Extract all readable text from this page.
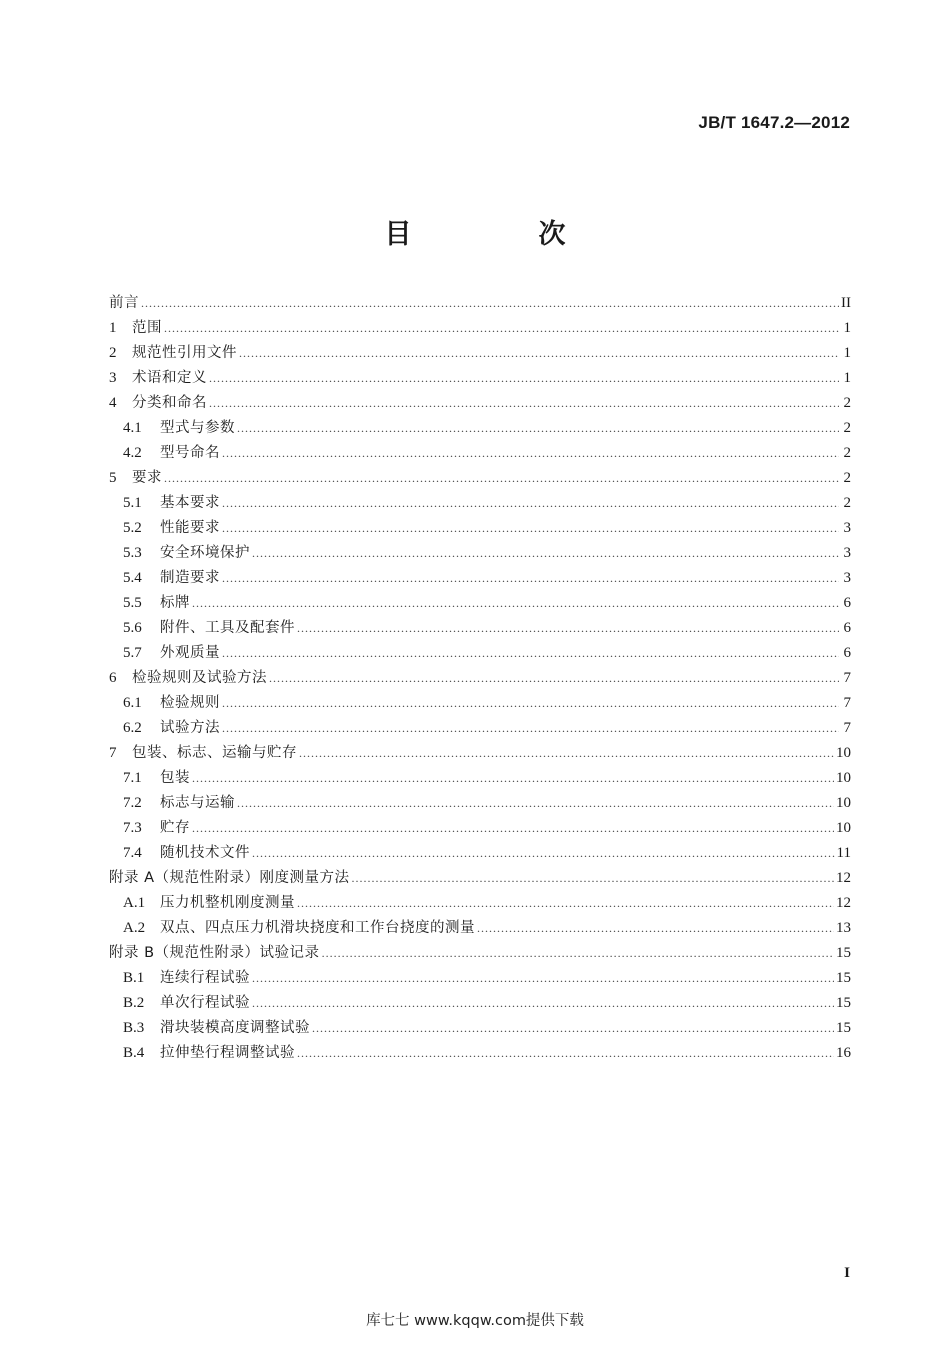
JB/T 1647.2—2012
目　次
前言 .....	II
1	范围 .....	1
2	规范性引用文件 .....	1
3	术语和定义 .....	1
4	分类和命名 .....	2
4.1	型式与参数 .....	2
4.2	型号命名 .....	2
5	要求 .....	2
5.1	基本要求 .....	2
5.2	性能要求 .....	3
5.3	安全环境保护 .....	3
5.4	制造要求 .....	3
5.5	标牌 .....	6
5.6	附件、工具及配套件 .....	6
5.7	外观质量 .....	6
6	检验规则及试验方法 .....	7
6.1	检验规则 .....	7
6.2	试验方法 .....	7
7	包装、标志、运输与贮存 .....	10
7.1	包装 .....	10
7.2	标志与运输 .....	10
7.3	贮存 .....	10
7.4	随机技术文件 .....	11
附录 A（规范性附录）刚度测量方法 .....	12
A.1	压力机整机刚度测量 .....	12
A.2	双点、四点压力机滑块挠度和工作台挠度的测量 .....	13
附录 B（规范性附录）试验记录 .....	15
B.1	连续行程试验 .....	15
B.2	单次行程试验 .....	15
B.3	滑块装模高度调整试验 .....	15
B.4	拉伸垫行程调整试验 .....	16
I
库七七 www.kqqw.com提供下载
